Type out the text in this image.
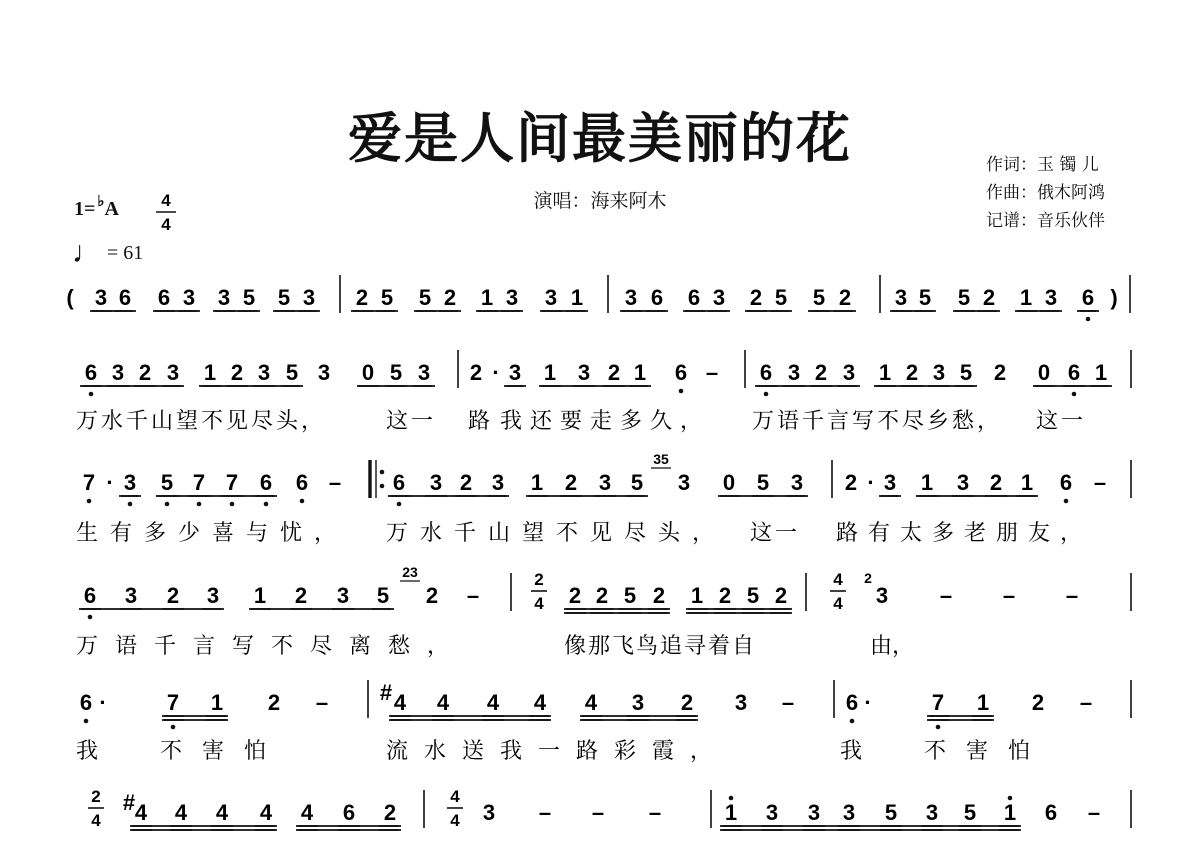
爱是人间最美丽的花
演唱：海来阿木
作词：玉 镯 儿
作曲：俄木阿鸿
记谱：音乐伙伴
1= ♭A
♩ = 61
4
4
( 3 6 6 3 3 5 5 3 2 5 5 2 1 3 3 1 3 6 6 3 2 5 5 2 3 5 5 2 1 3 6 )
6 3 2 3 1 2 3 5 3 0 5 3 2 · 3 1 3 2 1 6 – 6 3 2 3 1 2 3 5 2 0 6 1
7 · 3 5 7 7 6 6 – 6 3 2 3 1 2 3 5 3 0 5 3 2 · 3 1 3 2 1 6 –
6 3 2 3 1 2 3 5 2 –	2 2 5 2 1 2 5 2	3 – – –
6 ·	7 1 2 – # 4 4 4 4 4 3 2 3 – 6 ·	7 1 2 –
# 4 4 4 4 4 6 2	3 – – –	1 3 3 3 5 3 5 1 6 –
2
4
4
4
2
4
4
4
35
23	2
万水千山望不见尽头，	这一 路 我还要走多久， 万语千言写不尽乡愁， 这一
生有多少喜与忧， 万水千山望不见尽头， 这一 路有太多老朋友，
万语千言写不尽离愁，	像那飞鸟追寻着自	由，
我	不害怕	流水送我一路彩霞，	我	不害怕
